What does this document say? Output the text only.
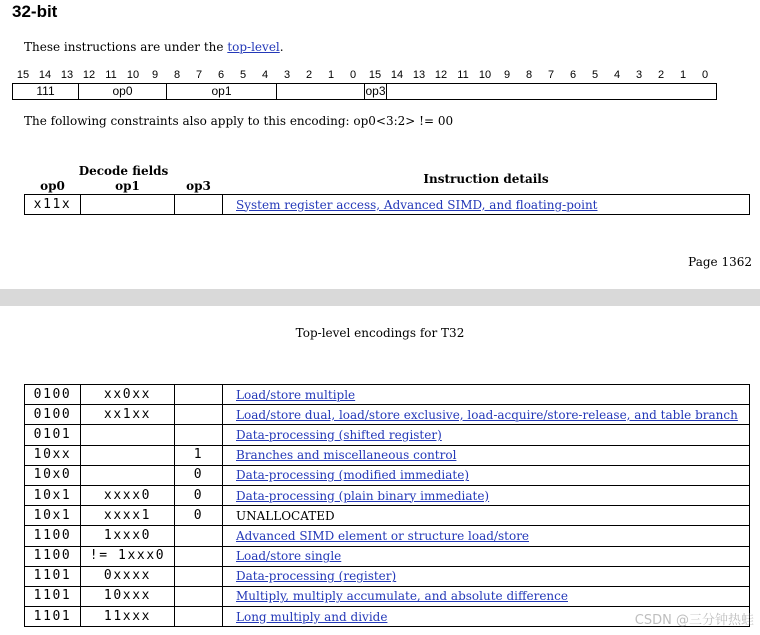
32-bit
These instructions are under the top-level.
15 14 13 12 11 10	9	8	7	6	5	4	3	2	1	0
111	op0	op1
15 14 13 12 11 10	9	8	7	6	5	4	3	2	1	0
op3
The following constraints also apply to this encoding: op0<3:2> != 00
Decode fields			Instruction details
op0	op1	op3	
x11x			System register access, Advanced SIMD, and floating-point
Page 1362
Top-level encodings for T32
0100	xx0xx		Load/store multiple
0100	xx1xx		Load/store dual, load/store exclusive, load-acquire/store-release, and table branch
0101			Data-processing (shifted register)
10xx		1	Branches and miscellaneous control
10x0		0	Data-processing (modified immediate)
10x1	xxxx0	0	Data-processing (plain binary immediate)
10x1	xxxx1	0	UNALLOCATED
1100	1xxx0		Advanced SIMD element or structure load/store
1100	!= 1xxx0		Load/store single
1101	0xxxx		Data-processing (register)
1101	10xxx		Multiply, multiply accumulate, and absolute difference
1101	11xxx		Long multiply and divide	CSDN @三分钟热蛙
